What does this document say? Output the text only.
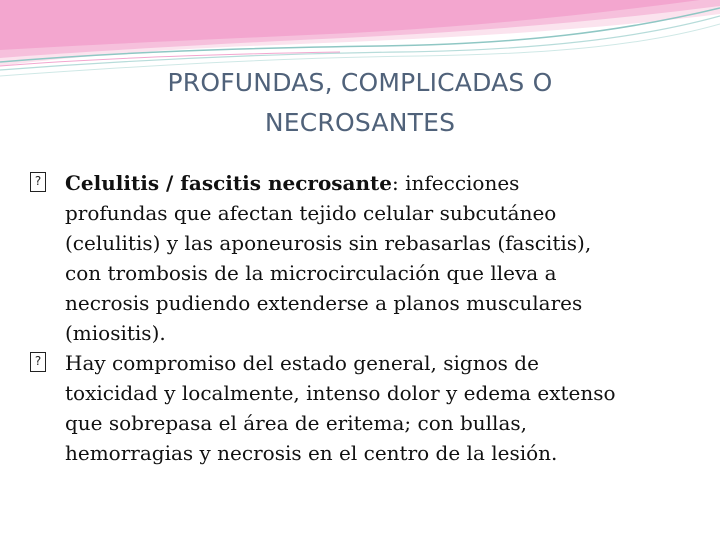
PROFUNDAS, COMPLICADAS O
NECROSANTES
? Celulitis / fascitis necrosante: infecciones
profundas que afectan tejido celular subcutáneo
(celulitis) y las aponeurosis sin rebasarlas (fascitis),
con trombosis de la microcirculación que lleva a
necrosis pudiendo extenderse a planos musculares
(miositis).
? Hay compromiso del estado general, signos de
toxicidad y localmente, intenso dolor y edema extenso
que sobrepasa el área de eritema; con bullas,
hemorragias y necrosis en el centro de la lesión.
